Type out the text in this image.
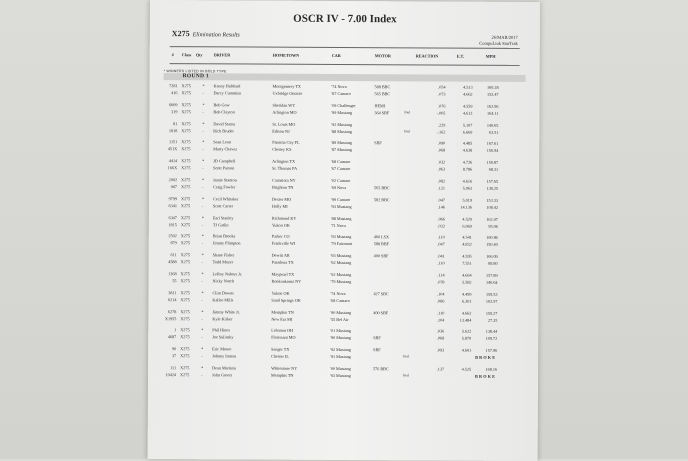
OSCR IV - 7.00 Index
X275 Elimination Results	26/MAR/2017
CompuLink StarTrak
# Class Qty	DRIVER	HOMETOWN	CAR	MOTOR	REACTION	E.T.	MPH
* WINNERS LISTED IN BOLD TYPE
ROUND 1
7281 X275	* Kenny Hubbard	Montgomery TX	'74 Nova	588 BBC	.054	4.513	160.28
416 X275	- Darcy Cummins	Uxbridge Ontario	'87 Camaro	565 BBC	.073	4.662	153.47
6009 X275	* Bob Gow	Sheridan WY	'09 Challenger	HEMI	.076	4.559	162.96
319 X275	- Bob Clayton	Arlington MO	'99 Mustang	364 SBF	foul	-.005	4.613	164.11
81 X275	* David Starns	St. Louis MO	'92 Mustang	.229	5.107	140.65
1818 X275	- Rich Bruder	Edison NJ	'88 Mustang	foul	-.162	6.669	63.51
1151 X275	* Sean Leon	Panama City FL	'89 Mustang	SBF	.090	4.485	167.61
451X X275	- Marty Chavez	Cheney KS	'87 Mustang	.068	4.638	156.94
4414 X275	* JD Campbell	Arlington TX	'68 Camaro	.032	4.726	150.87
166X X275	- Scott Parson	St. Thomas PA	'67 Camaro	.063	8.786	68.31
2002 X275	* Jamie Stanton	Canastota NY	'02 Camaro	.082	4.616	157.65
007 X275	- Craig Fowler	Brighton TN	'69 Nova	565 BBC	.121	5.063	138.25
9799 X275	* Cecil Whitaker	Dexter MO	'99 Camaro	582 BBC	.047	5.019	153.33
6341 X275	- Scott Carter	Holly MI	'93 Mustang	.146	14.136	108.42
6347 X275	* Earl Stanley	Richmond KY	'88 Mustang	.066	4.520	162.47
1815 X275	- TJ Gatlin	Yukon OK	'71 Nova	.032	6.960	95.96
2502 X275	* Brian Brooks	Parker CO	'93 Mustang	460 LSX	.110	4.541	160.86
879 X275	- Jimmy Plimpton	Frankville WI	'79 Fairmont	588 BBF	.047	4.832	150.40
611 X275	* Shane Fisher	Dewitt AR	'93 Mustang	400 SBF	.041	4.595	166.09
4588 X275	- Todd Mozer	Pasadena TX	'92 Mustang	.110	7.551	89.80
1368 X275	* LeRoy Nabors Jr.	Maypearl TX	'92 Mustang	.114	4.664	157.89
55 X275	- Nicky Notch	Ronkonkoma NY	'79 Mustang	.078	5.582	146.64
3811 X275	* Clint Downs	Yukon OK	'74 Nova	427 SBC	.104	4.499	159.53
6214 X275	- Kallee Mills	Sand Springs OK	'68 Camaro	.086	6.301	102.97
6278 X275	* Jimmy White Jr.	Memphis TN	'90 Mustang	400 SBF	.110	4.662	159.27
X1955 X275	- Kyle Kirker	New Era MI	'55 Bel Air	.104	13.484	27.35
1 X275	* Phil Hines	Lebanon OH	'01 Mustang	.036	5.622	138.44
4687 X275	- Joe Sulinsky	Florissant MO	'90 Mustang	SBF	.068	5.870	109.72
90 X275	* Eric Moore	Sanger TX	'92 Mustang	SBF	.093	4.601	157.96
37 X275	- Johnny Inman	Chester IL	'91 Mustang	foul	BROKE
111 X275	* Dean Martinis	Whitestone NY	'00 Mustang	576 BBC	.137	4.525	168.16
10424 X275	- John Greers	Memphis TN	'93 Mustang	foul	BROKE
